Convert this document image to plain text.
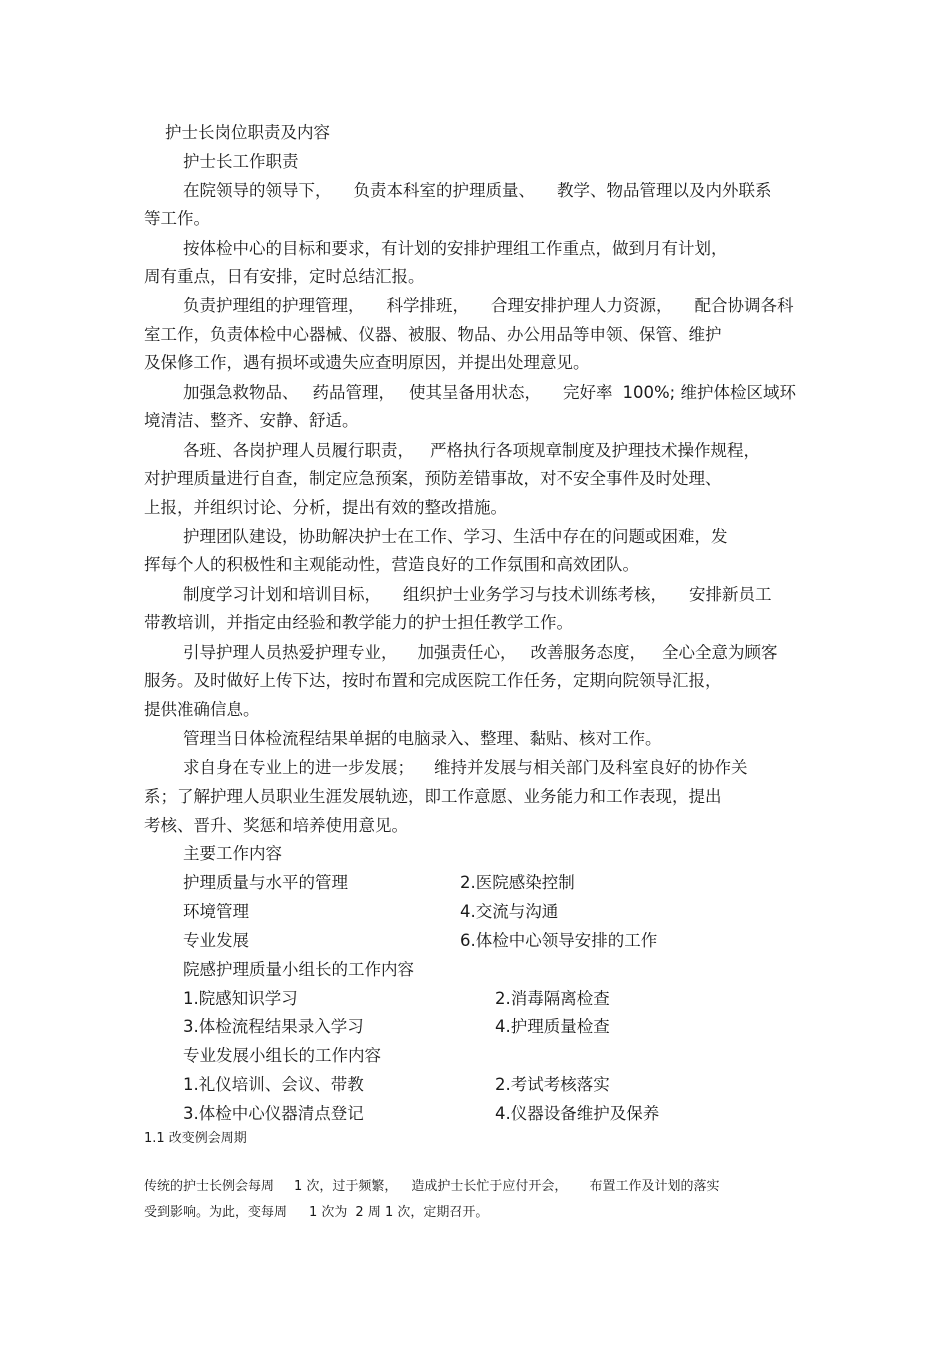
护士长岗位职责及内容

护士长工作职责

在院领导的领导下， 负责本科室的护理质量、 教学、物品管理以及内外联系

等工作。

按体检中心的目标和要求，有计划的安排护理组工作重点，做到月有计划，

周有重点，日有安排，定时总结汇报。

负责护理组的护理管理， 科学排班， 合理安排护理人力资源， 配合协调各科

室工作，负责体检中心器械、仪器、被服、物品、办公用品等申领、保管、维护

及保修工作，遇有损坏或遗失应查明原因，并提出处理意见。

加强急救物品、 药品管理， 使其呈备用状态， 完好率 100%; 维护体检区域环

境清洁、整齐、安静、舒适。

各班、各岗护理人员履行职责， 严格执行各项规章制度及护理技术操作规程，

对护理质量进行自查，制定应急预案，预防差错事故，对不安全事件及时处理、

上报，并组织讨论、分析，提出有效的整改措施。

护理团队建设，协助解决护士在工作、学习、生活中存在的问题或困难，发

挥每个人的积极性和主观能动性，营造良好的工作氛围和高效团队。

制度学习计划和培训目标， 组织护士业务学习与技术训练考核， 安排新员工

带教培训，并指定由经验和教学能力的护士担任教学工作。

引导护理人员热爱护理专业， 加强责任心， 改善服务态度， 全心全意为顾客

服务。及时做好上传下达，按时布置和完成医院工作任务，定期向院领导汇报，

提供准确信息。

管理当日体检流程结果单据的电脑录入、整理、黏贴、核对工作。

求自身在专业上的进一步发展； 维持并发展与相关部门及科室良好的协作关

系；了解护理人员职业生涯发展轨迹，即工作意愿、业务能力和工作表现，提出

考核、晋升、奖惩和培养使用意见。

主要工作内容

护理质量与水平的管理	2.医院感染控制

环境管理	4.交流与沟通

专业发展	6.体检中心领导安排的工作

院感护理质量小组长的工作内容

1.院感知识学习	2.消毒隔离检查

3.体检流程结果录入学习	4.护理质量检查

专业发展小组长的工作内容

1.礼仪培训、会议、带教	2.考试考核落实

3.体检中心仪器清点登记	4.仪器设备维护及保养

1.1 改变例会周期

传统的护士长例会每周 1 次，过于频繁， 造成护士长忙于应付开会， 布置工作及计划的落实

受到影响。为此，变每周 1 次为 2 周 1 次，定期召开。
